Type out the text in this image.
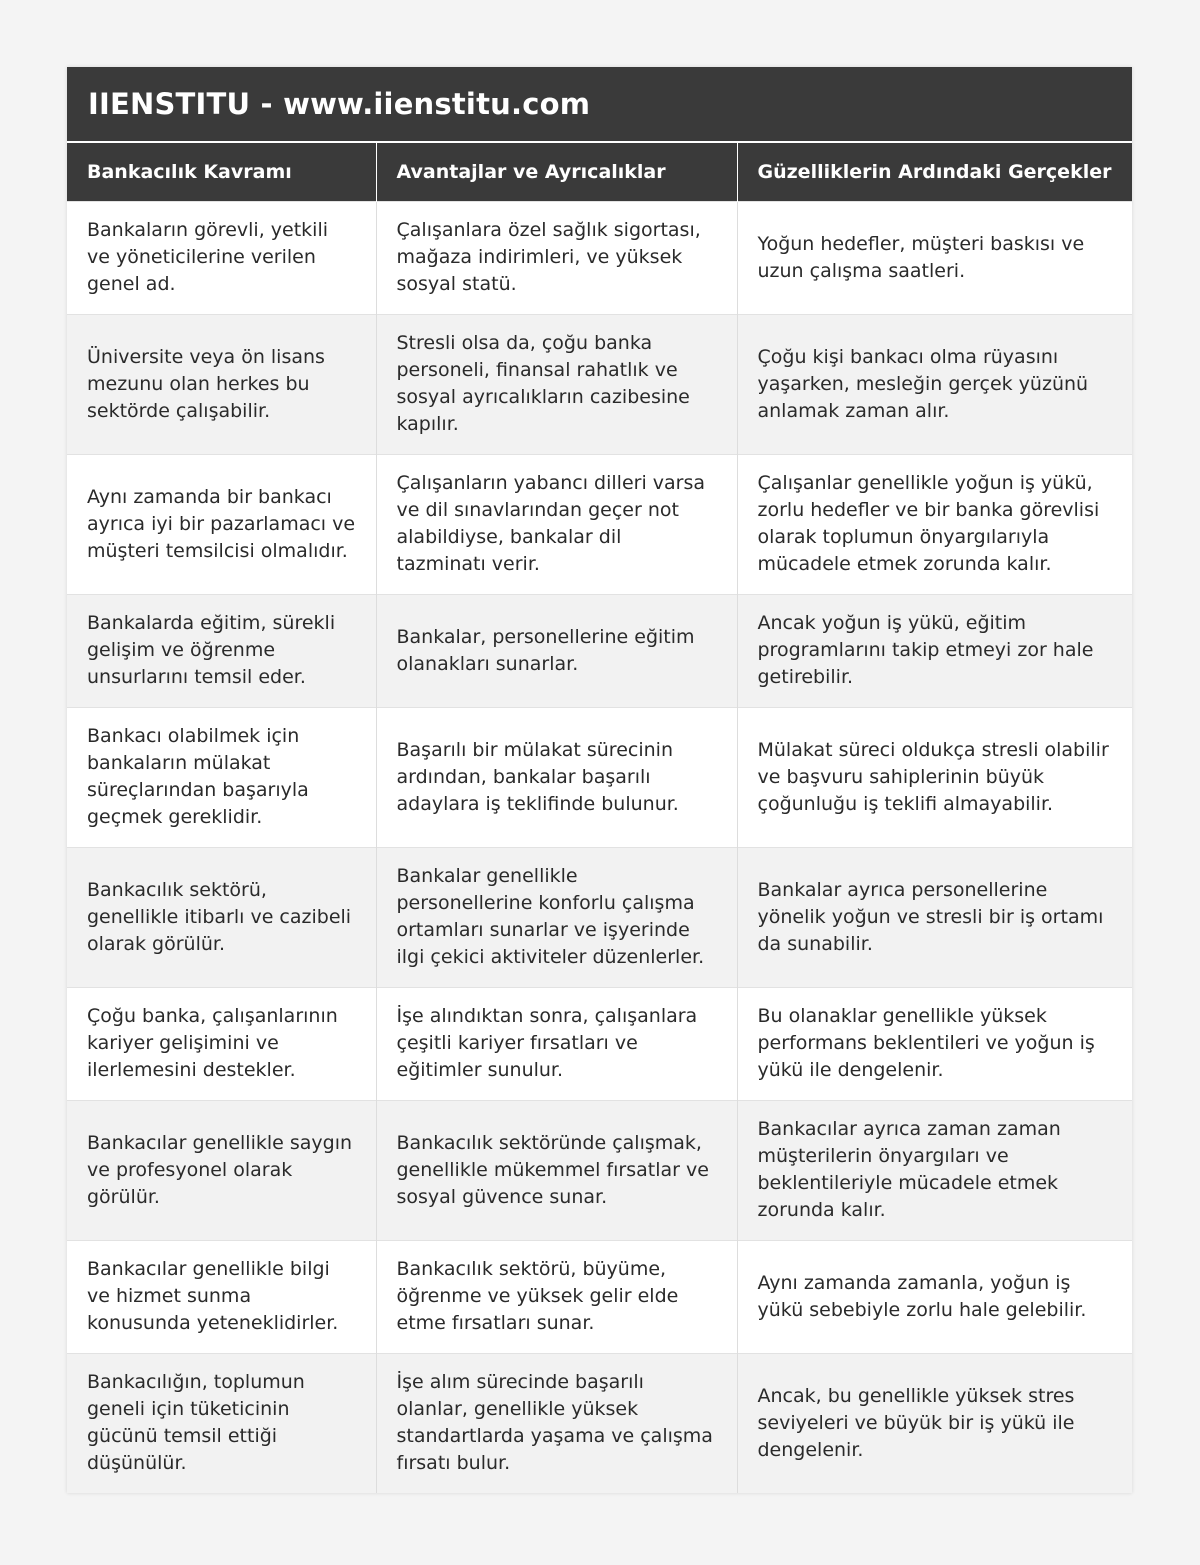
IIENSTITU - www.iienstitu.com
Bankacılık Kavramı	Avantajlar ve Ayrıcalıklar	Güzelliklerin Ardındaki Gerçekler
Bankaların görevli, yetkili ve yöneticilerine verilen genel ad.	Çalışanlara özel sağlık sigortası, mağaza indirimleri, ve yüksek sosyal statü.	Yoğun hedefler, müşteri baskısı ve uzun çalışma saatleri.
Üniversite veya ön lisans mezunu olan herkes bu sektörde çalışabilir.	Stresli olsa da, çoğu banka personeli, finansal rahatlık ve sosyal ayrıcalıkların cazibesine kapılır.	Çoğu kişi bankacı olma rüyasını yaşarken, mesleğin gerçek yüzünü anlamak zaman alır.
Aynı zamanda bir bankacı ayrıca iyi bir pazarlamacı ve müşteri temsilcisi olmalıdır.	Çalışanların yabancı dilleri varsa ve dil sınavlarından geçer not alabildiyse, bankalar dil tazminatı verir.	Çalışanlar genellikle yoğun iş yükü, zorlu hedefler ve bir banka görevlisi olarak toplumun önyargılarıyla mücadele etmek zorunda kalır.
Bankalarda eğitim, sürekli gelişim ve öğrenme unsurlarını temsil eder.	Bankalar, personellerine eğitim olanakları sunarlar.	Ancak yoğun iş yükü, eğitim programlarını takip etmeyi zor hale getirebilir.
Bankacı olabilmek için bankaların mülakat süreçlarından başarıyla geçmek gereklidir.	Başarılı bir mülakat sürecinin ardından, bankalar başarılı adaylara iş teklifinde bulunur.	Mülakat süreci oldukça stresli olabilir ve başvuru sahiplerinin büyük çoğunluğu iş teklifi almayabilir.
Bankacılık sektörü, genellikle itibarlı ve cazibeli olarak görülür.	Bankalar genellikle personellerine konforlu çalışma ortamları sunarlar ve işyerinde ilgi çekici aktiviteler düzenlerler.	Bankalar ayrıca personellerine yönelik yoğun ve stresli bir iş ortamı da sunabilir.
Çoğu banka, çalışanlarının kariyer gelişimini ve ilerlemesini destekler.	İşe alındıktan sonra, çalışanlara çeşitli kariyer fırsatları ve eğitimler sunulur.	Bu olanaklar genellikle yüksek performans beklentileri ve yoğun iş yükü ile dengelenir.
Bankacılar genellikle saygın ve profesyonel olarak görülür.	Bankacılık sektöründe çalışmak, genellikle mükemmel fırsatlar ve sosyal güvence sunar.	Bankacılar ayrıca zaman zaman müşterilerin önyargıları ve beklentileriyle mücadele etmek zorunda kalır.
Bankacılar genellikle bilgi ve hizmet sunma konusunda yeteneklidirler.	Bankacılık sektörü, büyüme, öğrenme ve yüksek gelir elde etme fırsatları sunar.	Aynı zamanda zamanla, yoğun iş yükü sebebiyle zorlu hale gelebilir.
Bankacılığın, toplumun geneli için tüketicinin gücünü temsil ettiği düşünülür.	İşe alım sürecinde başarılı olanlar, genellikle yüksek standartlarda yaşama ve çalışma fırsatı bulur.	Ancak, bu genellikle yüksek stres seviyeleri ve büyük bir iş yükü ile dengelenir.
